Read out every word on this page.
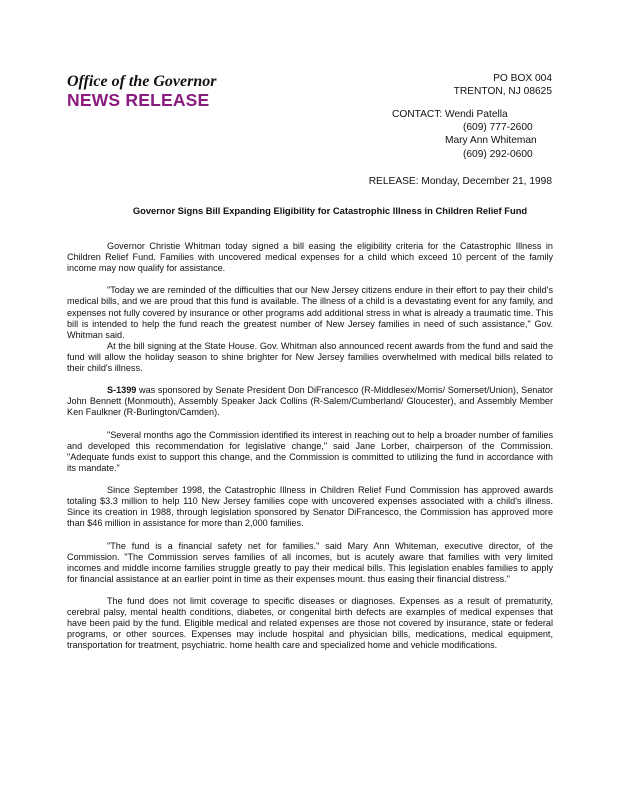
Office of the Governor
NEWS RELEASE
PO BOX 004
TRENTON, NJ 08625
CONTACT: Wendi Patella
(609) 777-2600
Mary Ann Whiteman
(609) 292-0600
RELEASE: Monday, December 21, 1998
Governor Signs Bill Expanding Eligibility for Catastrophic Illness in Children Relief Fund

Governor Christie Whitman today signed a bill easing the eligibility criteria for the Catastrophic Illness in Children Relief Fund. Families with uncovered medical expenses for a child which exceed 10 percent of the family income may now qualify for assistance.

"Today we are reminded of the difficulties that our New Jersey citizens endure in their effort to pay their child's medical bills, and we are proud that this fund is available. The illness of a child is a devastating event for any family, and expenses not fully covered by insurance or other programs add additional stress in what is already a traumatic time. This bill is intended to help the fund reach the greatest number of New Jersey families in need of such assistance," Gov. Whitman said.

At the bill signing at the State House. Gov. Whitman also announced recent awards from the fund and said the fund will allow the holiday season to shine brighter for New Jersey families overwhelmed with medical bills related to their child's illness.

S-1399 was sponsored by Senate President Don DiFrancesco (R-Middlesex/Morris/ Somerset/Union), Senator John Bennett (Monmouth), Assembly Speaker Jack Collins (R-Salem/Cumberland/ Gloucester), and Assembly Member Ken Faulkner (R-Burlington/Camden).

"Several months ago the Commission identified its interest in reaching out to help a broader number of families and developed this recommendation for legislative change," said Jane Lorber, chairperson of the Commission. "Adequate funds exist to support this change, and the Commission is committed to utilizing the fund in accordance with its mandate."

Since September 1998, the Catastrophic Illness in Children Relief Fund Commission has approved awards totaling $3.3 million to help 110 New Jersey families cope with uncovered expenses associated with a child's illness. Since its creation in 1988, through legislation sponsored by Senator DiFrancesco, the Commission has approved more than $46 million in assistance for more than 2,000 families.

"The fund is a financial safety net for families." said Mary Ann Whiteman, executive director, of the Commission. "The Commission serves families of all incomes, but is acutely aware that families with very limited incomes and middle income families struggle greatly to pay their medical bills. This legislation enables families to apply for financial assistance at an earlier point in time as their expenses mount. thus easing their financial distress."

The fund does not limit coverage to specific diseases or diagnoses. Expenses as a result of prematurity, cerebral palsy, mental health conditions, diabetes, or congenital birth defects are examples of medical expenses that have been paid by the fund. Eligible medical and related expenses are those not covered by insurance, state or federal programs, or other sources. Expenses may include hospital and physician bills, medications, medical equipment, transportation for treatment, psychiatric. home health care and specialized home and vehicle modifications.
